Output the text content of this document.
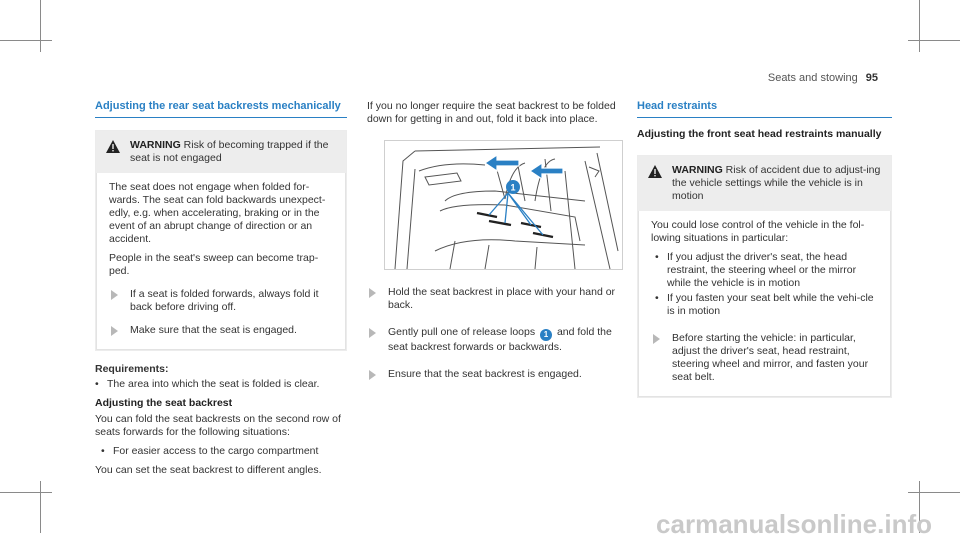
Seats and stowing 95
Adjusting the rear seat backrests mechanically
WARNING Risk of becoming trapped if the seat is not engaged

The seat does not engage when folded for-wards. The seat can fold backwards unexpect-edly, e.g. when accelerating, braking or in the event of an abrupt change of direction or an accident.

People in the seat's sweep can become trap-ped.

If a seat is folded forwards, always fold it back before driving off.
Make sure that the seat is engaged.
Requirements:
• The area into which the seat is folded is clear.
Adjusting the seat backrest

You can fold the seat backrests on the second row of seats forwards for the following situations:

• For easier access to the cargo compartment

You can set the seat backrest to different angles.

If you no longer require the seat backrest to be folded down for getting in and out, fold it back into place.

1
Hold the seat backrest in place with your hand or back.
Gently pull one of release loops 1 and fold the seat backrest forwards or backwards.
Ensure that the seat backrest is engaged.
Head restraints
Adjusting the front seat head restraints manually
WARNING Risk of accident due to adjust-ing the vehicle settings while the vehicle is in motion

You could lose control of the vehicle in the fol-lowing situations in particular:

• If you adjust the driver's seat, the head restraint, the steering wheel or the mirror while the vehicle is in motion
• If you fasten your seat belt while the vehi-cle is in motion
Before starting the vehicle: in particular, adjust the driver's seat, head restraint, steering wheel and mirror, and fasten your seat belt.
carmanualsonline.info
